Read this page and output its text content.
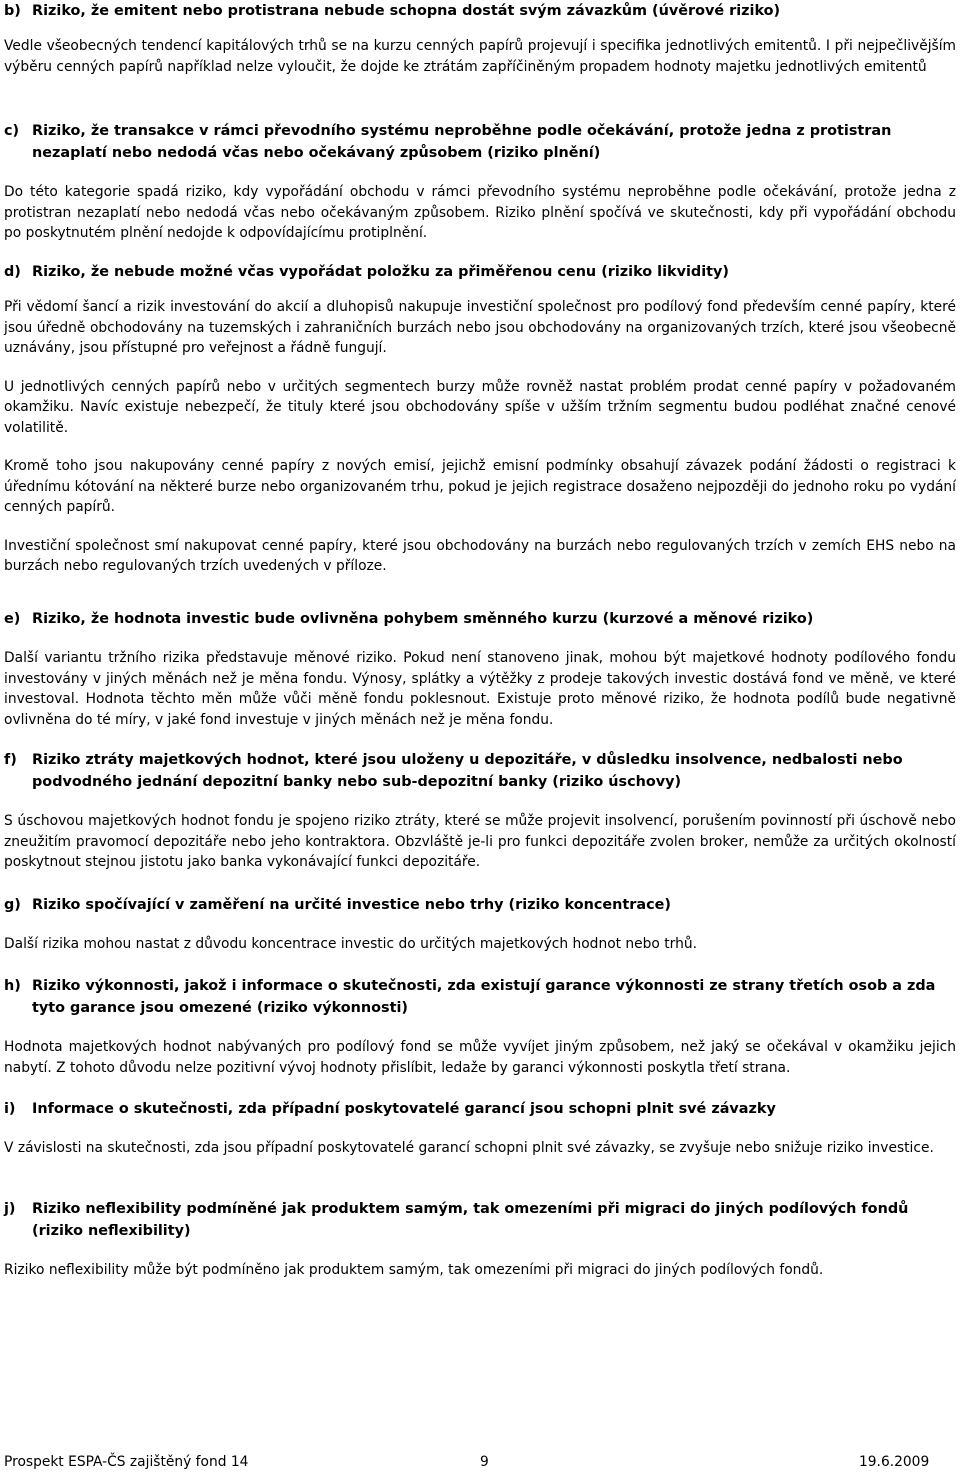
b) Riziko, že emitent nebo protistrana nebude schopna dostát svým závazkům (úvěrové riziko)

Vedle všeobecných tendencí kapitálových trhů se na kurzu cenných papírů projevují i specifika jednotlivých emitentů. I při nejpečlivějším výběru cenných papírů například nelze vyloučit, že dojde ke ztrátám zapříčiněným propadem hodnoty majetku jednotlivých emitentů

c) Riziko, že transakce v rámci převodního systému neproběhne podle očekávání, protože jedna z protistran nezaplatí nebo nedodá včas nebo očekávaný způsobem (riziko plnění)

Do této kategorie spadá riziko, kdy vypořádání obchodu v rámci převodního systému neproběhne podle očekávání, protože jedna z protistran nezaplatí nebo nedodá včas nebo očekávaným způsobem. Riziko plnění spočívá ve skutečnosti, kdy při vypořádání obchodu po poskytnutém plnění nedojde k odpovídajícímu protiplnění.

d) Riziko, že nebude možné včas vypořádat položku za přiměřenou cenu (riziko likvidity)

Při vědomí šancí a rizik investování do akcií a dluhopisů nakupuje investiční společnost pro podílový fond především cenné papíry, které jsou úředně obchodovány na tuzemských i zahraničních burzách nebo jsou obchodovány na organizovaných trzích, které jsou všeobecně uznávány, jsou přístupné pro veřejnost a řádně fungují.

U jednotlivých cenných papírů nebo v určitých segmentech burzy může rovněž nastat problém prodat cenné papíry v požadovaném okamžiku. Navíc existuje nebezpečí, že tituly které jsou obchodovány spíše v užším tržním segmentu budou podléhat značné cenové volatilitě.

Kromě toho jsou nakupovány cenné papíry z nových emisí, jejichž emisní podmínky obsahují závazek podání žádosti o registraci k úřednímu kótování na některé burze nebo organizovaném trhu, pokud je jejich registrace dosaženo nejpozději do jednoho roku po vydání cenných papírů.

Investiční společnost smí nakupovat cenné papíry, které jsou obchodovány na burzách nebo regulovaných trzích v zemích EHS nebo na burzách nebo regulovaných trzích uvedených v příloze.

e) Riziko, že hodnota investic bude ovlivněna pohybem směnného kurzu (kurzové a měnové riziko)

Další variantu tržního rizika představuje měnové riziko. Pokud není stanoveno jinak, mohou být majetkové hodnoty podílového fondu investovány v jiných měnách než je měna fondu. Výnosy, splátky a výtěžky z prodeje takových investic dostává fond ve měně, ve které investoval. Hodnota těchto měn může vůči měně fondu poklesnout. Existuje proto měnové riziko, že hodnota podílů bude negativně ovlivněna do té míry, v jaké fond investuje v jiných měnách než je měna fondu.

f)	Riziko ztráty majetkových hodnot, které jsou uloženy u depozitáře, v důsledku insolvence, nedbalosti nebo podvodného jednání depozitní banky nebo sub-depozitní banky (riziko úschovy)

S úschovou majetkových hodnot fondu je spojeno riziko ztráty, které se může projevit insolvencí, porušením povinností při úschově nebo zneužitím pravomocí depozitáře nebo jeho kontraktora. Obzvláště je-li pro funkci depozitáře zvolen broker, nemůže za určitých okolností poskytnout stejnou jistotu jako banka vykonávající funkci depozitáře.

g) Riziko spočívající v zaměření na určité investice nebo trhy (riziko koncentrace)

Další rizika mohou nastat z důvodu koncentrace investic do určitých majetkových hodnot nebo trhů.

h) Riziko výkonnosti, jakož i informace o skutečnosti, zda existují garance výkonnosti ze strany třetích osob a zda tyto garance jsou omezené (riziko výkonnosti)

Hodnota majetkových hodnot nabývaných pro podílový fond se může vyvíjet jiným způsobem, než jaký se očekával v okamžiku jejich nabytí. Z tohoto důvodu nelze pozitivní vývoj hodnoty přislíbit, ledaže by garanci výkonnosti poskytla třetí strana.

i)	Informace o skutečnosti, zda případní poskytovatelé garancí jsou schopni plnit své závazky

V závislosti na skutečnosti, zda jsou případní poskytovatelé garancí schopni plnit své závazky, se zvyšuje nebo snižuje riziko investice.

j)	Riziko neflexibility podmíněné jak produktem samým, tak omezeními při migraci do jiných podílových fondů (riziko neflexibility)

Riziko neflexibility může být podmíněno jak produktem samým, tak omezeními při migraci do jiných podílových fondů.

Prospekt ESPA-ČS zajištěný fond 14	9	19.6.2009
